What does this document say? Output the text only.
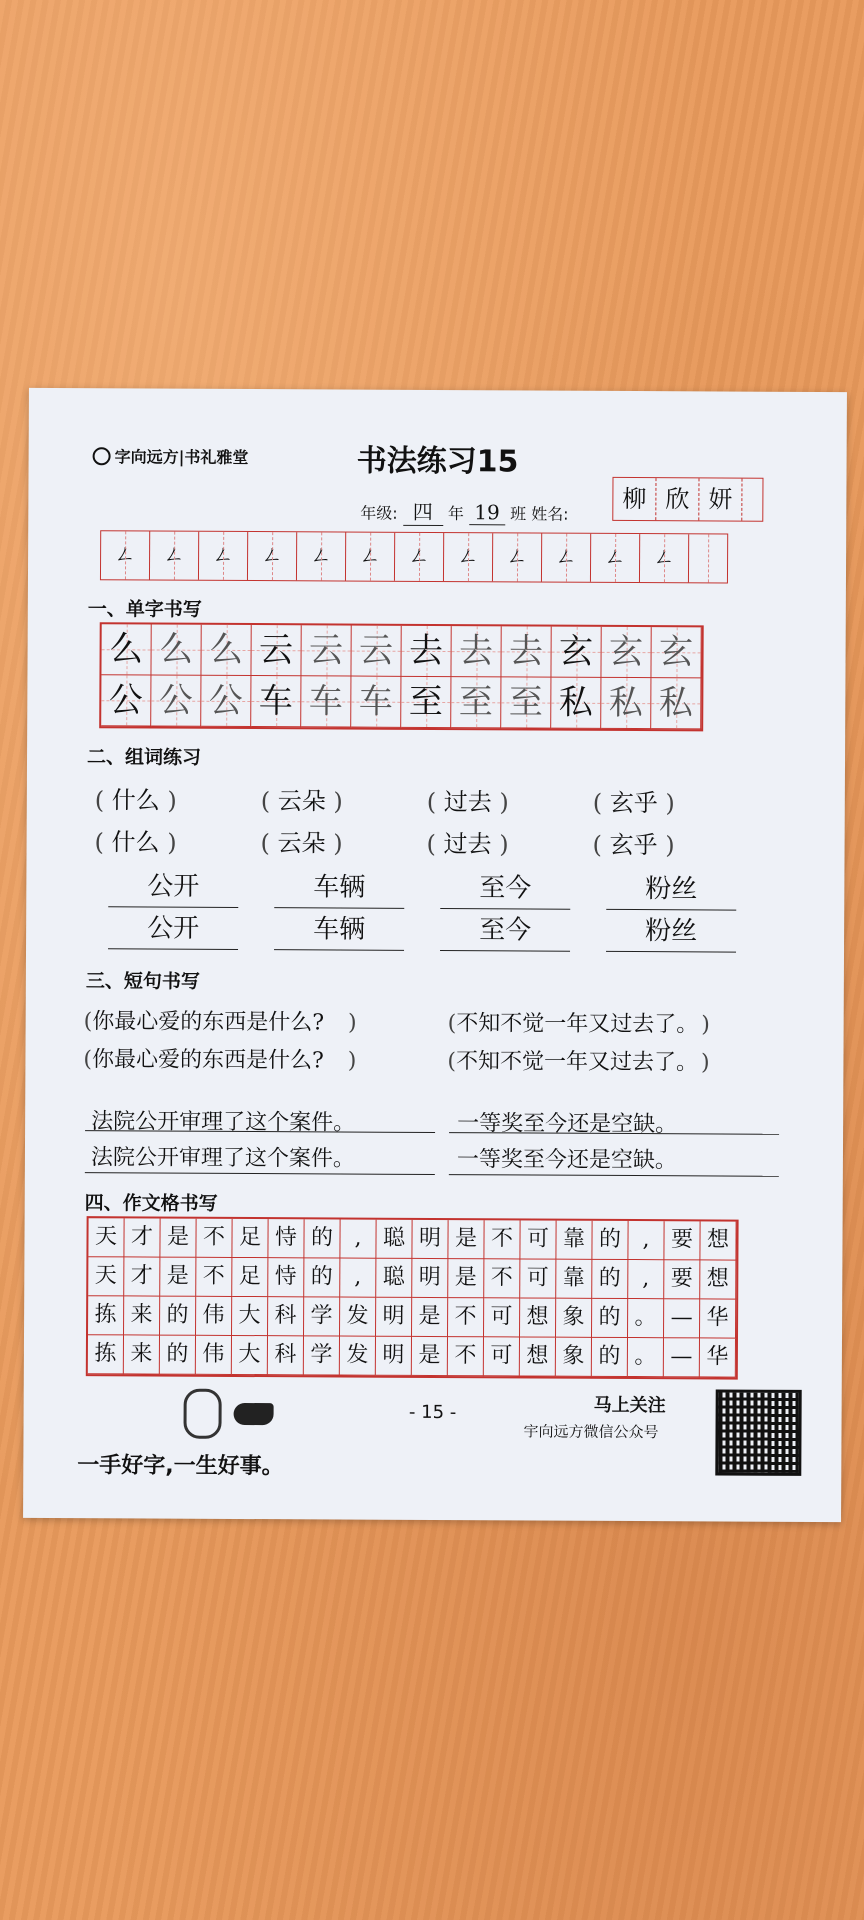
字向远方|书礼雅堂	书法练习15
年级: 四 年 19 班 姓名:
柳 欣 妍
ㄥ	ㄥ	ㄥ	ㄥ	ㄥ	ㄥ	ㄥ	ㄥ	ㄥ	ㄥ	ㄥ	ㄥ
一、单字书写
么 么 么 云 云 云 去 去 去 玄 玄 玄
公 公 公 车 车 车 至 至 至 私 私 私
二、组词练习
( 什么 )	( 云朵 )	( 过去 )	( 玄乎 )
( 什么 )	( 云朵 )	( 过去 )	( 玄乎 )
公开	车辆	至今	粉丝
公开	车辆	至今	粉丝
三、短句书写
(你最心爱的东西是什么? )
(你最心爱的东西是什么? )
(不知不觉一年又过去了。 )
(不知不觉一年又过去了。 )
法院公开审理了这个案件。
法院公开审理了这个案件。
一等奖至今还是空缺。
一等奖至今还是空缺。
四、作文格书写
天 才 是 不 足 恃 的 , 聪 明 是 不 可 靠 的 , 要 想
天 才 是 不 足 恃 的 , 聪 明 是 不 可 靠 的 , 要 想
拣 来 的 伟 大 科 学 发 明 是 不 可 想 象 的 。 — 华
拣 来 的 伟 大 科 学 发 明 是 不 可 想 象 的 。 — 华
- 15 -
一手好字,一生好事。
马上关注
宇向远方微信公众号
